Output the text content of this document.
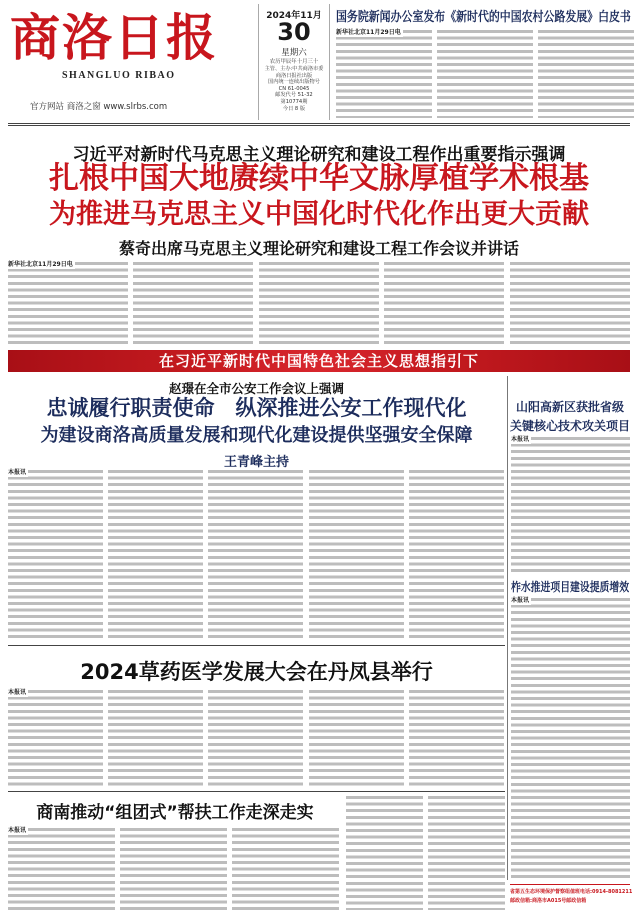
商洛日报
SHANGLUO RIBAO
官方网站 商洛之窗 www.slrbs.com
2024年11月
30
星期六
农历甲辰年十月三十
主管、主办:中共商洛市委
商洛日报社出版
国内统一连续出版物号
CN 61-0045
邮发代号 51-32
第10774期
今日 8 版
国务院新闻办公室发布《新时代的中国农村公路发展》白皮书
新华社北京11月29日电
习近平对新时代马克思主义理论研究和建设工程作出重要指示强调
扎根中国大地赓续中华文脉厚植学术根基
为推进马克思主义中国化时代化作出更大贡献
蔡奇出席马克思主义理论研究和建设工程工作会议并讲话
新华社北京11月29日电
在习近平新时代中国特色社会主义思想指引下
赵璟在全市公安工作会议上强调
忠诚履行职责使命　纵深推进公安工作现代化
为建设商洛高质量发展和现代化建设提供坚强安全保障
王青峰主持
本报讯
2024草药医学发展大会在丹凤县举行
本报讯
商南推动“组团式”帮扶工作走深走实
本报讯
山阳高新区获批省级
关键核心技术攻关项目
本报讯
柞水推进项目建设提质增效
本报讯
省第五生态环境保护督察组值班电话:0914-8081211
邮政信箱:商洛市A015号邮政信箱
